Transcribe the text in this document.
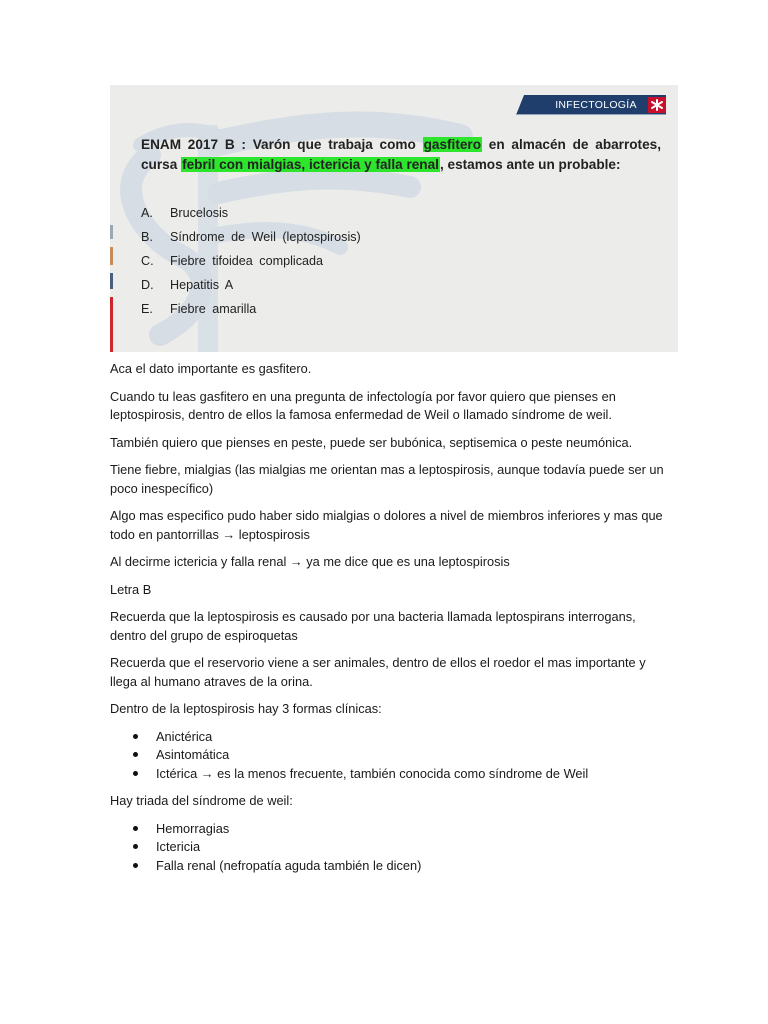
INFECTOLOGÍA
ENAM 2017 B : Varón que trabaja como gasfitero en almacén de abarrotes,
cursa febril con mialgias, ictericia y falla renal, estamos ante un probable:
A. Brucelosis
B. Síndrome de Weil (leptospirosis)
C. Fiebre tifoidea complicada
D. Hepatitis A
E. Fiebre amarilla

Aca el dato importante es gasfitero.

Cuando tu leas gasfitero en una pregunta de infectología por favor quiero que pienses en leptospirosis, dentro de ellos la famosa enfermedad de Weil o llamado síndrome de weil.

También quiero que pienses en peste, puede ser bubónica, septisemica o peste neumónica.

Tiene fiebre, mialgias (las mialgias me orientan mas a leptospirosis, aunque todavía puede ser un poco inespecífico)

Algo mas especifico pudo haber sido mialgias o dolores a nivel de miembros inferiores y mas que todo en pantorrillas → leptospirosis

Al decirme ictericia y falla renal → ya me dice que es una leptospirosis

Letra B

Recuerda que la leptospirosis es causado por una bacteria llamada leptospirans interrogans, dentro del grupo de espiroquetas

Recuerda que el reservorio viene a ser animales, dentro de ellos el roedor el mas importante y llega al humano atraves de la orina.

Dentro de la leptospirosis hay 3 formas clínicas:

Anictérica
Asintomática
Ictérica → es la menos frecuente, también conocida como síndrome de Weil

Hay triada del síndrome de weil:

Hemorragias
Ictericia
Falla renal (nefropatía aguda también le dicen)
